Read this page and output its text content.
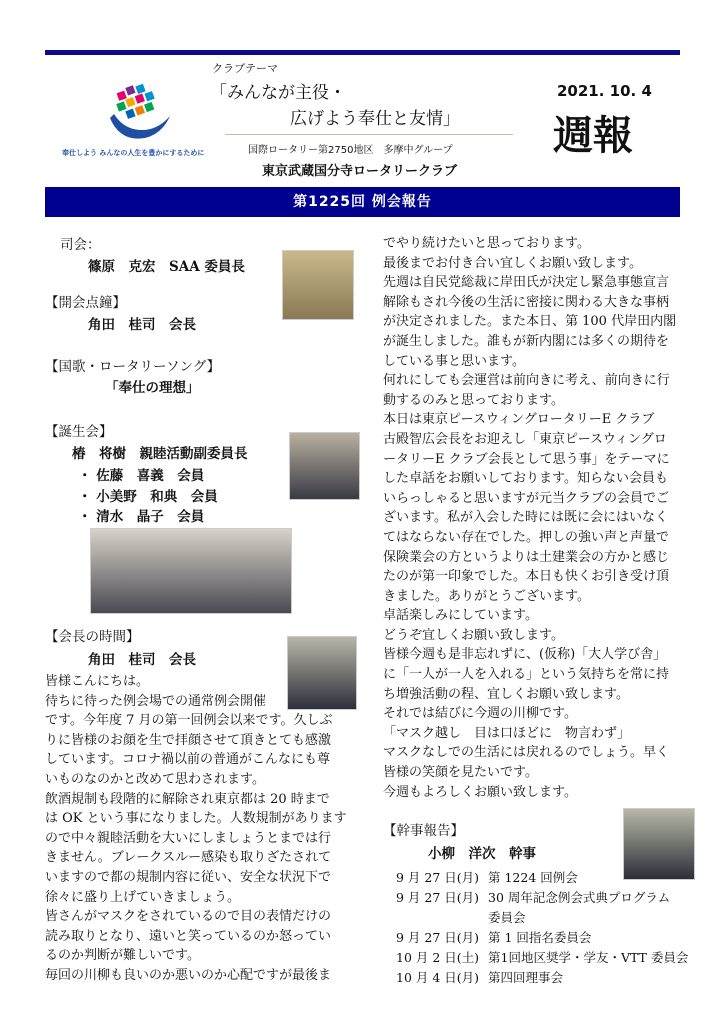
奉仕しよう みんなの人生を豊かにするために
クラブテーマ
「みんなが主役・
広げよう奉仕と友情」
国際ロータリー第2750地区　多摩中グループ
東京武蔵国分寺ロータリークラブ
2021. 10. 4
週報
第1225回 例会報告
司会：
篠原　克宏　SAA 委員長
【開会点鐘】
角田　桂司　会長
【国歌・ロータリーソング】
「奉仕の理想」
【誕生会】
椿　将樹　親睦活動副委員長
・ 佐藤　喜義　会員
・ 小美野　和典　会員
・ 清水　晶子　会員
【会長の時間】
角田　桂司　会長
皆様こんにちは。
待ちに待った例会場での通常例会開催
です。今年度 7 月の第一回例会以来です。久しぶ
りに皆様のお顔を生で拝顔させて頂きとても感激
しています。コロナ禍以前の普通がこんなにも尊
いものなのかと改めて思わされます。
飲酒規制も段階的に解除され東京都は 20 時まで
は OK という事になりました。人数規制があります
ので中々親睦活動を大いにしましょうとまでは行
きません。ブレークスルー感染も取りざたされて
いますので都の規制内容に従い、安全な状況下で
徐々に盛り上げていきましょう。
皆さんがマスクをされているので目の表情だけの
読み取りとなり、遠いと笑っているのか怒ってい
るのか判断が難しいです。
毎回の川柳も良いのか悪いのか心配ですが最後ま
でやり続けたいと思っております。
最後までお付き合い宜しくお願い致します。
先週は自民党総裁に岸田氏が決定し緊急事態宣言
解除もされ今後の生活に密接に関わる大きな事柄
が決定されました。また本日、第 100 代岸田内閣
が誕生しました。誰もが新内閣には多くの期待を
している事と思います。
何れにしても会運営は前向きに考え、前向きに行
動するのみと思っております。
本日は東京ピースウィングロータリーE クラブ
古殿智広会長をお迎えし「東京ピースウィングロ
ータリーE クラブ会長として思う事」をテーマに
した卓話をお願いしております。知らない会員も
いらっしゃると思いますが元当クラブの会員でご
ざいます。私が入会した時には既に会にはいなく
てはならない存在でした。押しの強い声と声量で
保険業会の方というよりは土建業会の方かと感じ
たのが第一印象でした。本日も快くお引き受け頂
きました。ありがとうございます。
卓話楽しみにしています。
どうぞ宜しくお願い致します。
皆様今週も是非忘れずに、(仮称)「大人学び舎」
に「一人が一人を入れる」という気持ちを常に持
ち増強活動の程、宜しくお願い致します。
それでは結びに今週の川柳です。
「マスク越し　目は口ほどに　物言わず」
マスクなしでの生活には戻れるのでしょう。早く
皆様の笑顔を見たいです。
今週もよろしくお願い致します。
【幹事報告】
小柳　洋次　幹事
9 月 27 日(月) 第 1224 回例会
9 月 27 日(月) 30 周年記念例会式典プログラム
委員会
9 月 27 日(月) 第 1 回指名委員会
10 月 2 日(土) 第1回地区奨学・学友・VTT 委員会
10 月 4 日(月) 第四回理事会
